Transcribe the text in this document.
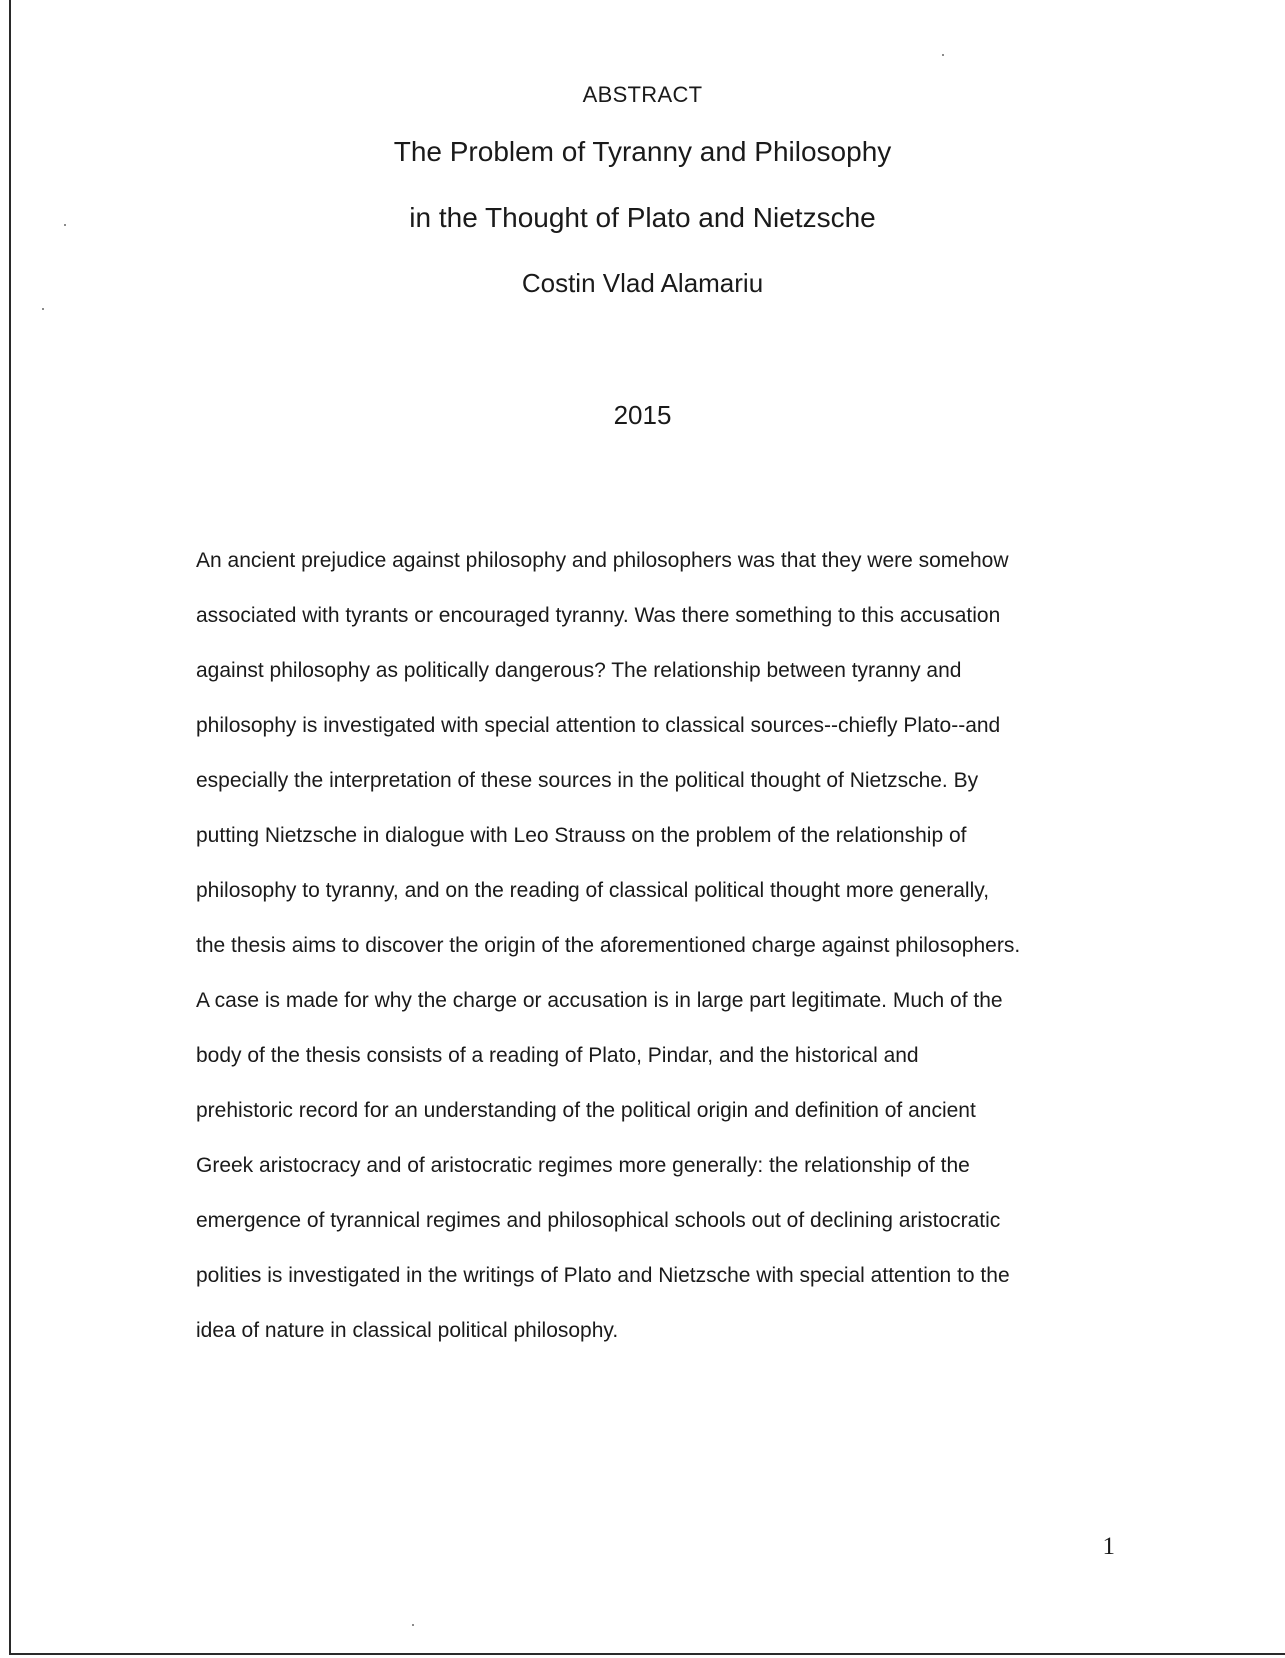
ABSTRACT
The Problem of Tyranny and Philosophy
in the Thought of Plato and Nietzsche
Costin Vlad Alamariu
2015
An ancient prejudice against philosophy and philosophers was that they were somehow
associated with tyrants or encouraged tyranny. Was there something to this accusation
against philosophy as politically dangerous? The relationship between tyranny and
philosophy is investigated with special attention to classical sources--chiefly Plato--and
especially the interpretation of these sources in the political thought of Nietzsche. By
putting Nietzsche in dialogue with Leo Strauss on the problem of the relationship of
philosophy to tyranny, and on the reading of classical political thought more generally,
the thesis aims to discover the origin of the aforementioned charge against philosophers.
A case is made for why the charge or accusation is in large part legitimate. Much of the
body of the thesis consists of a reading of Plato, Pindar, and the historical and
prehistoric record for an understanding of the political origin and definition of ancient
Greek aristocracy and of aristocratic regimes more generally: the relationship of the
emergence of tyrannical regimes and philosophical schools out of declining aristocratic
polities is investigated in the writings of Plato and Nietzsche with special attention to the
idea of nature in classical political philosophy.
1
